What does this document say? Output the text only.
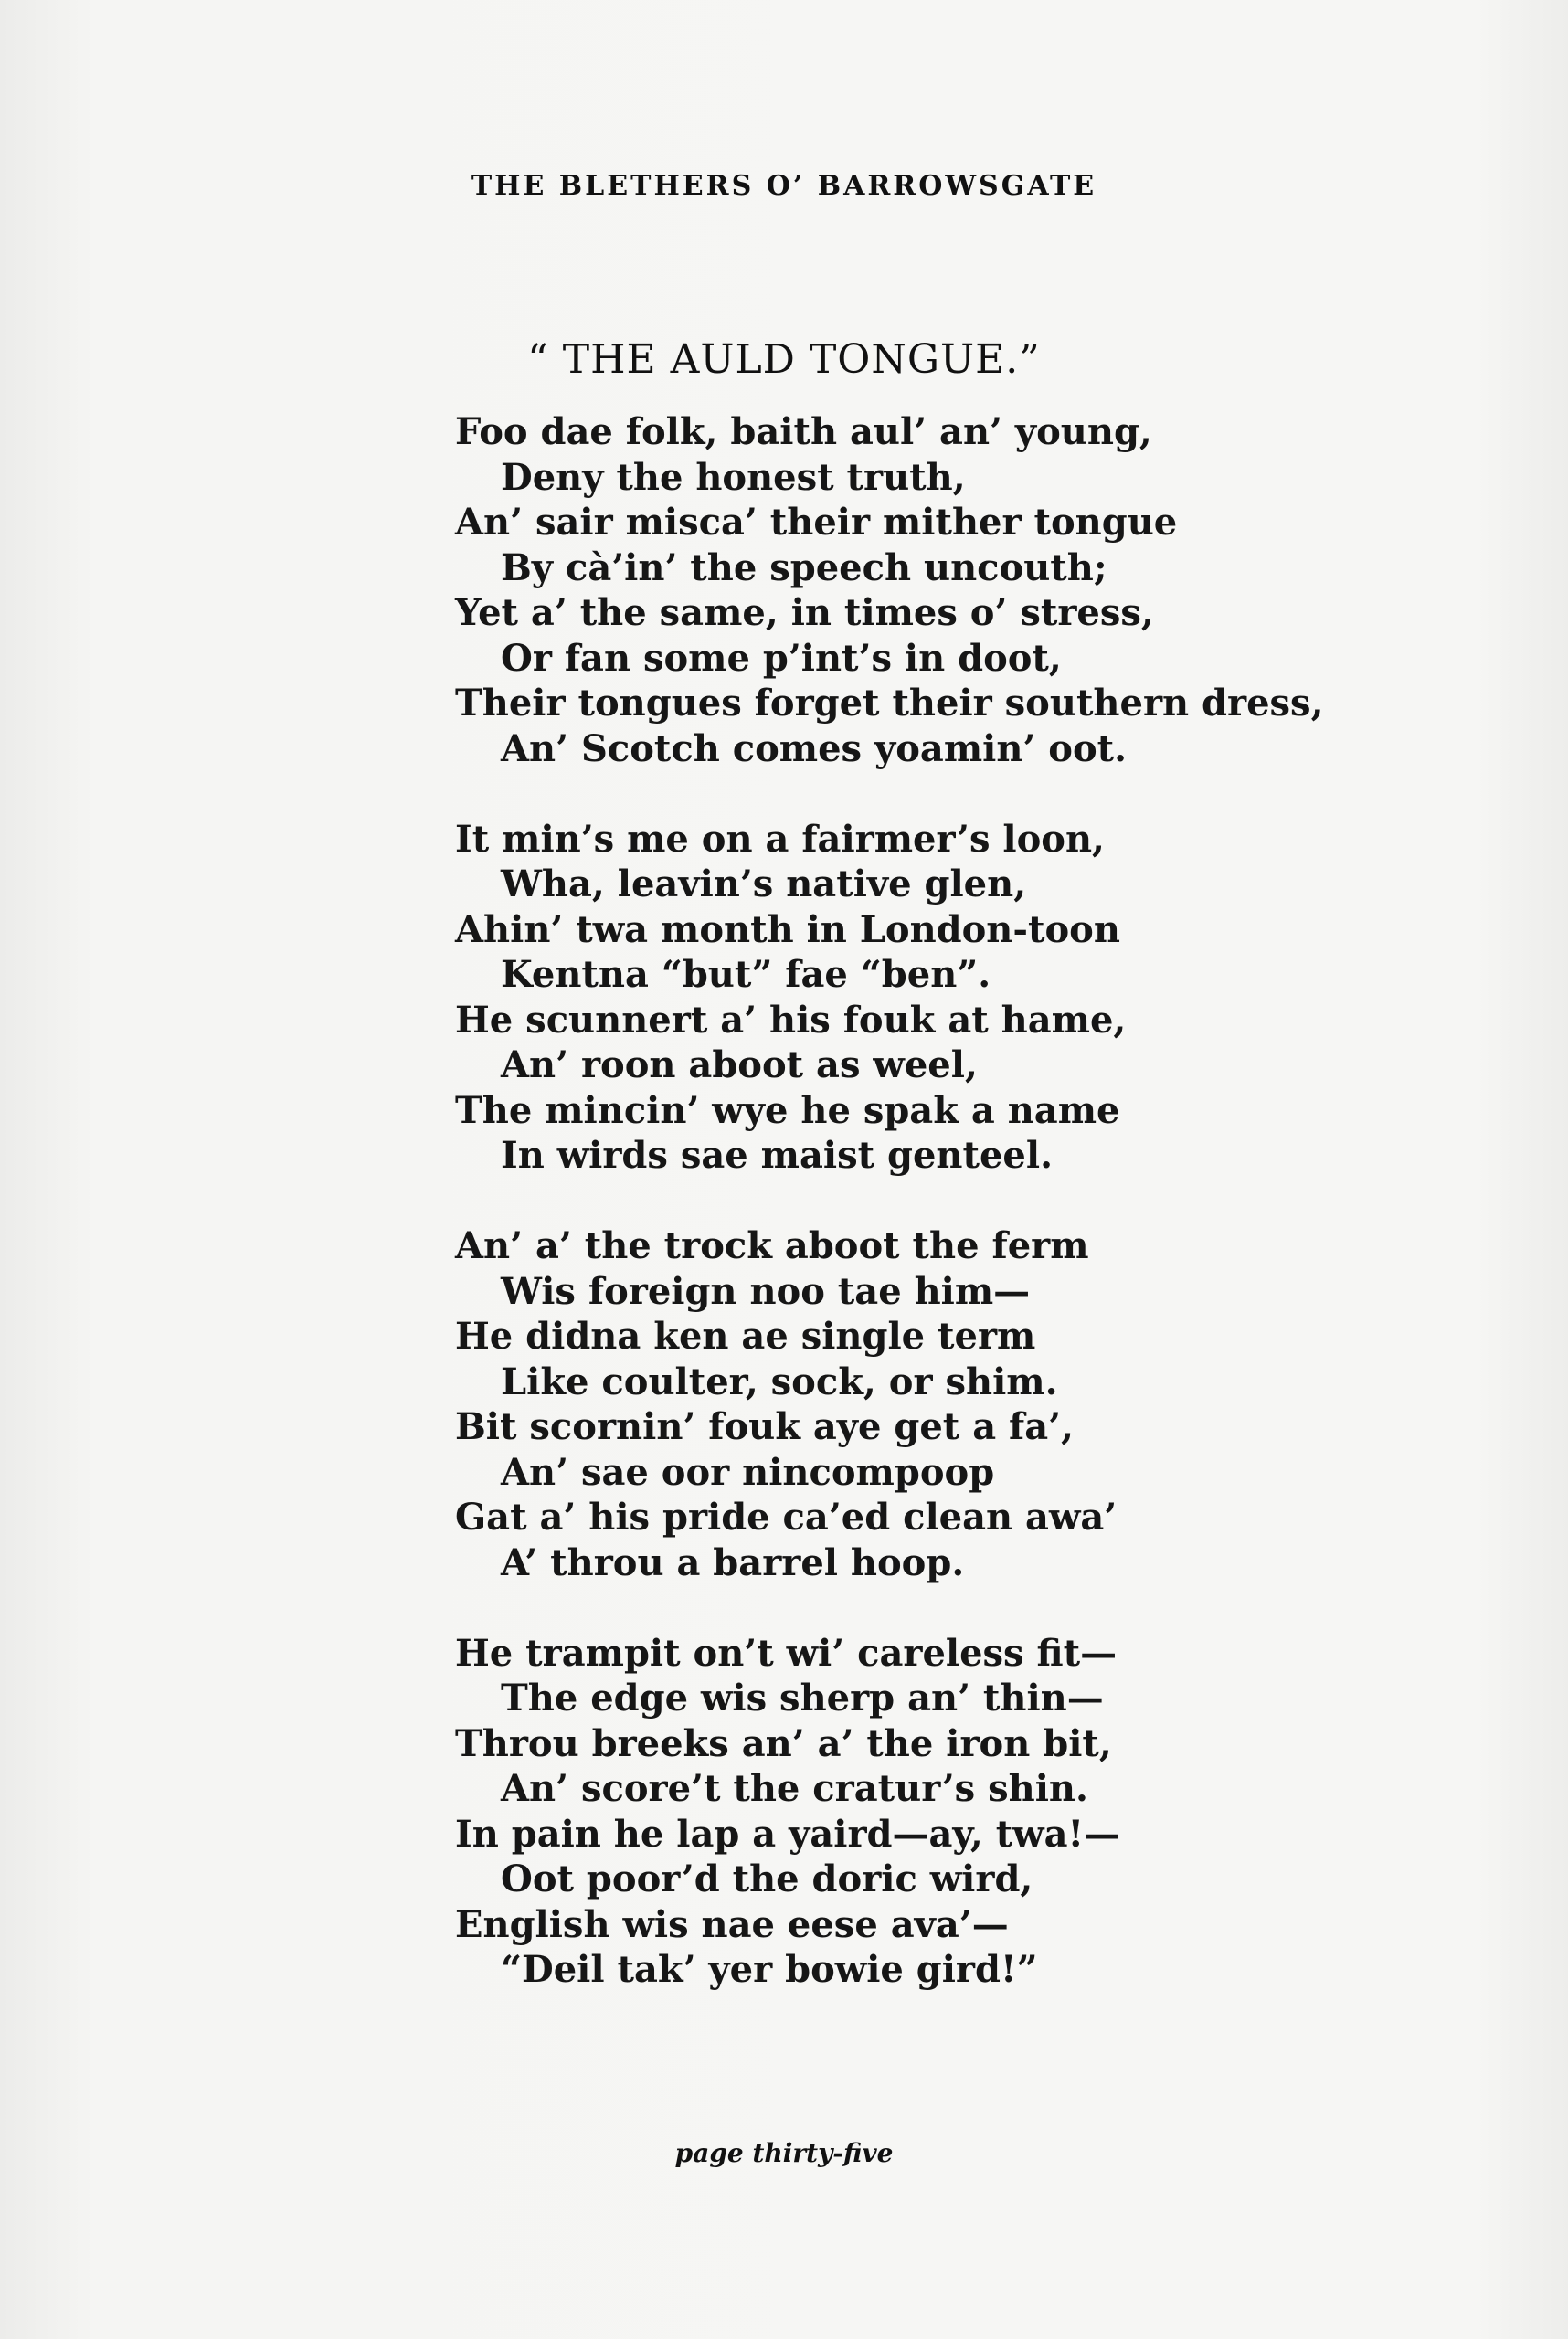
THE BLETHERS O’ BARROWSGATE
“ THE AULD TONGUE.”
Foo dae folk, baith aul’ an’ young,
Deny the honest truth,
An’ sair misca’ their mither tongue
By cà’in’ the speech uncouth;
Yet a’ the same, in times o’ stress,
Or fan some p’int’s in doot,
Their tongues forget their southern dress,
An’ Scotch comes yoamin’ oot.
It min’s me on a fairmer’s loon,
Wha, leavin’s native glen,
Ahin’ twa month in London-toon
Kentna “but” fae “ben”.
He scunnert a’ his fouk at hame,
An’ roon aboot as weel,
The mincin’ wye he spak a name
In wirds sae maist genteel.
An’ a’ the trock aboot the ferm
Wis foreign noo tae him—
He didna ken ae single term
Like coulter, sock, or shim.
Bit scornin’ fouk aye get a fa’,
An’ sae oor nincompoop
Gat a’ his pride ca’ed clean awa’
A’ throu a barrel hoop.
He trampit on’t wi’ careless fit—
The edge wis sherp an’ thin—
Throu breeks an’ a’ the iron bit,
An’ score’t the cratur’s shin.
In pain he lap a yaird—ay, twa!—
Oot poor’d the doric wird,
English wis nae eese ava’—
“Deil tak’ yer bowie gird!”
page thirty-five
